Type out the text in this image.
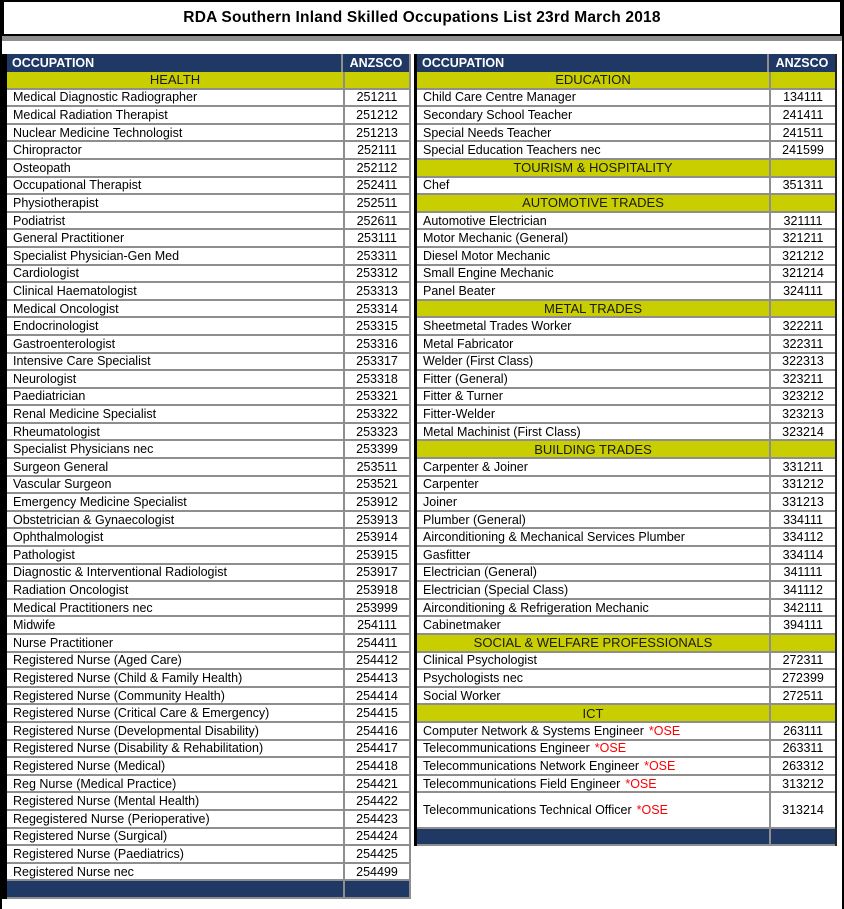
RDA Southern Inland Skilled Occupations List 23rd March 2018
OCCUPATION	ANZSCO
HEALTH
Medical Diagnostic Radiographer	251211
Medical Radiation Therapist	251212
Nuclear Medicine Technologist	251213
Chiropractor	252111
Osteopath	252112
Occupational Therapist	252411
Physiotherapist	252511
Podiatrist	252611
General Practitioner	253111
Specialist Physician-Gen Med	253311
Cardiologist	253312
Clinical Haematologist	253313
Medical Oncologist	253314
Endocrinologist	253315
Gastroenterologist	253316
Intensive Care Specialist	253317
Neurologist	253318
Paediatrician	253321
Renal Medicine Specialist	253322
Rheumatologist	253323
Specialist Physicians nec	253399
Surgeon General	253511
Vascular Surgeon	253521
Emergency Medicine Specialist	253912
Obstetrician & Gynaecologist	253913
Ophthalmologist	253914
Pathologist	253915
Diagnostic & Interventional Radiologist	253917
Radiation Oncologist	253918
Medical Practitioners nec	253999
Midwife	254111
Nurse Practitioner	254411
Registered Nurse (Aged Care)	254412
Registered Nurse (Child & Family Health)	254413
Registered Nurse (Community Health)	254414
Registered Nurse (Critical Care & Emergency)	254415
Registered Nurse (Developmental Disability)	254416
Registered Nurse (Disability & Rehabilitation)	254417
Registered Nurse (Medical)	254418
Reg Nurse (Medical Practice)	254421
Registered Nurse (Mental Health)	254422
Regegistered Nurse (Perioperative)	254423
Registered Nurse (Surgical)	254424
Registered Nurse (Paediatrics)	254425
Registered Nurse nec	254499
OCCUPATION	ANZSCO
EDUCATION
Child Care Centre Manager	134111
Secondary School Teacher	241411
Special Needs Teacher	241511
Special Education Teachers nec	241599
TOURISM & HOSPITALITY
Chef	351311
AUTOMOTIVE TRADES
Automotive Electrician	321111
Motor Mechanic (General)	321211
Diesel Motor Mechanic	321212
Small Engine Mechanic	321214
Panel Beater	324111
METAL TRADES
Sheetmetal Trades Worker	322211
Metal Fabricator	322311
Welder (First Class)	322313
Fitter (General)	323211
Fitter & Turner	323212
Fitter-Welder	323213
Metal Machinist (First Class)	323214
BUILDING TRADES
Carpenter & Joiner	331211
Carpenter	331212
Joiner	331213
Plumber (General)	334111
Airconditioning & Mechanical Services Plumber	334112
Gasfitter	334114
Electrician (General)	341111
Electrician (Special Class)	341112
Airconditioning & Refrigeration Mechanic	342111
Cabinetmaker	394111
SOCIAL & WELFARE PROFESSIONALS
Clinical Psychologist	272311
Psychologists nec	272399
Social Worker	272511
ICT
Computer Network & Systems Engineer *OSE	263111
Telecommunications Engineer *OSE	263311
Telecommunications Network Engineer *OSE	263312
Telecommunications Field Engineer *OSE	313212
Telecommunications Technical Officer *OSE	313214
